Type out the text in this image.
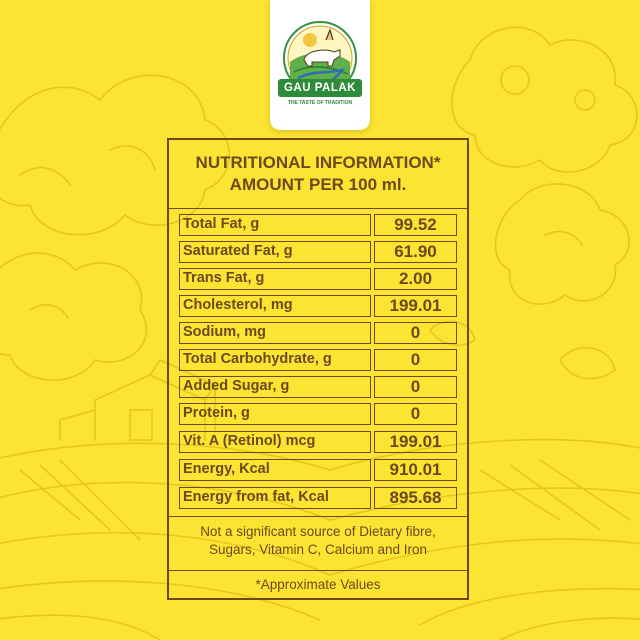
GAU PALAK
THE TASTE OF TRADITION
NUTRITIONAL INFORMATION*
AMOUNT PER 100 ml.
Total Fat, g	99.52
Saturated Fat, g	61.90
Trans Fat, g	2.00
Cholesterol, mg	199.01
Sodium, mg	0
Total Carbohydrate, g	0
Added Sugar, g	0
Protein, g	0
Vit. A (Retinol) mcg	199.01
Energy, Kcal	910.01
Energy from fat, Kcal	895.68
Not a significant source of Dietary fibre,
Sugars, Vitamin C, Calcium and Iron
*Approximate Values
